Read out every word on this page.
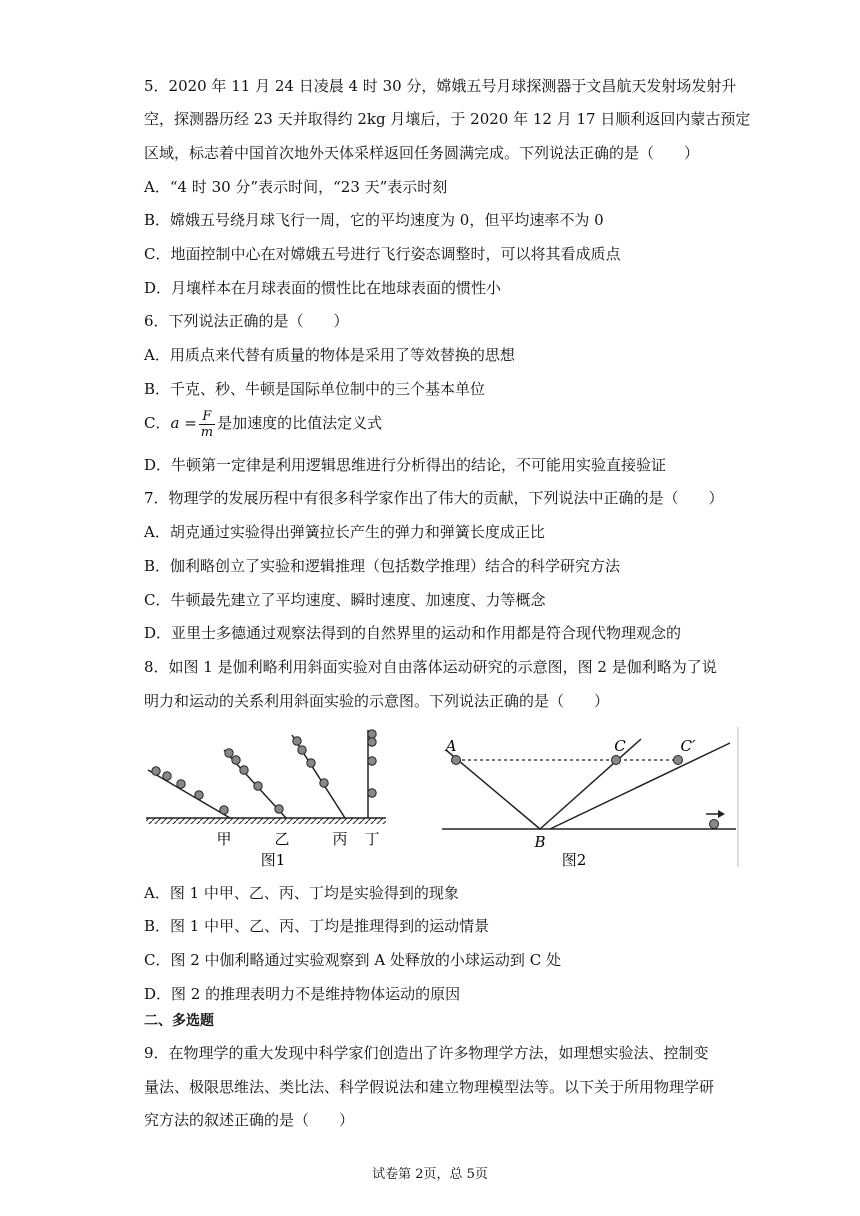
5．2020 年 11 月 24 日凌晨 4 时 30 分，嫦娥五号月球探测器于文昌航天发射场发射升
空，探测器历经 23 天并取得约 2kg 月壤后，于 2020 年 12 月 17 日顺利返回内蒙古预定
区域，标志着中国首次地外天体采样返回任务圆满完成。下列说法正确的是（　　）
A．“4 时 30 分”表示时间，“23 天”表示时刻
B．嫦娥五号绕月球飞行一周，它的平均速度为 0，但平均速率不为 0
C．地面控制中心在对嫦娥五号进行飞行姿态调整时，可以将其看成质点
D．月壤样本在月球表面的惯性比在地球表面的惯性小
6．下列说法正确的是（　　）
A．用质点来代替有质量的物体是采用了等效替换的思想
B．千克、秒、牛顿是国际单位制中的三个基本单位
C．$a = \frac{F}{m}$ 是加速度的比值法定义式
D．牛顿第一定律是利用逻辑思维进行分析得出的结论，不可能用实验直接验证
7．物理学的发展历程中有很多科学家作出了伟大的贡献，下列说法中正确的是（　　）
A．胡克通过实验得出弹簧拉长产生的弹力和弹簧长度成正比
B．伽利略创立了实验和逻辑推理（包括数学推理）结合的科学研究方法
C．牛顿最先建立了平均速度、瞬时速度、加速度、力等概念
D．亚里士多德通过观察法得到的自然界里的运动和作用都是符合现代物理观念的
8．如图 1 是伽利略利用斜面实验对自由落体运动研究的示意图，图 2 是伽利略为了说
明力和运动的关系利用斜面实验的示意图。下列说法正确的是（　　）
甲	乙	丙 丁
图1
A	C	C′
B
图2
A．图 1 中甲、乙、丙、丁均是实验得到的现象
B．图 1 中甲、乙、丙、丁均是推理得到的运动情景
C．图 2 中伽利略通过实验观察到 A 处释放的小球运动到 C 处
D．图 2 的推理表明力不是维持物体运动的原因
二、多选题
9．在物理学的重大发现中科学家们创造出了许多物理学方法，如理想实验法、控制变
量法、极限思维法、类比法、科学假说法和建立物理模型法等。以下关于所用物理学研
究方法的叙述正确的是（　　）
试卷第 2页，总 5页
